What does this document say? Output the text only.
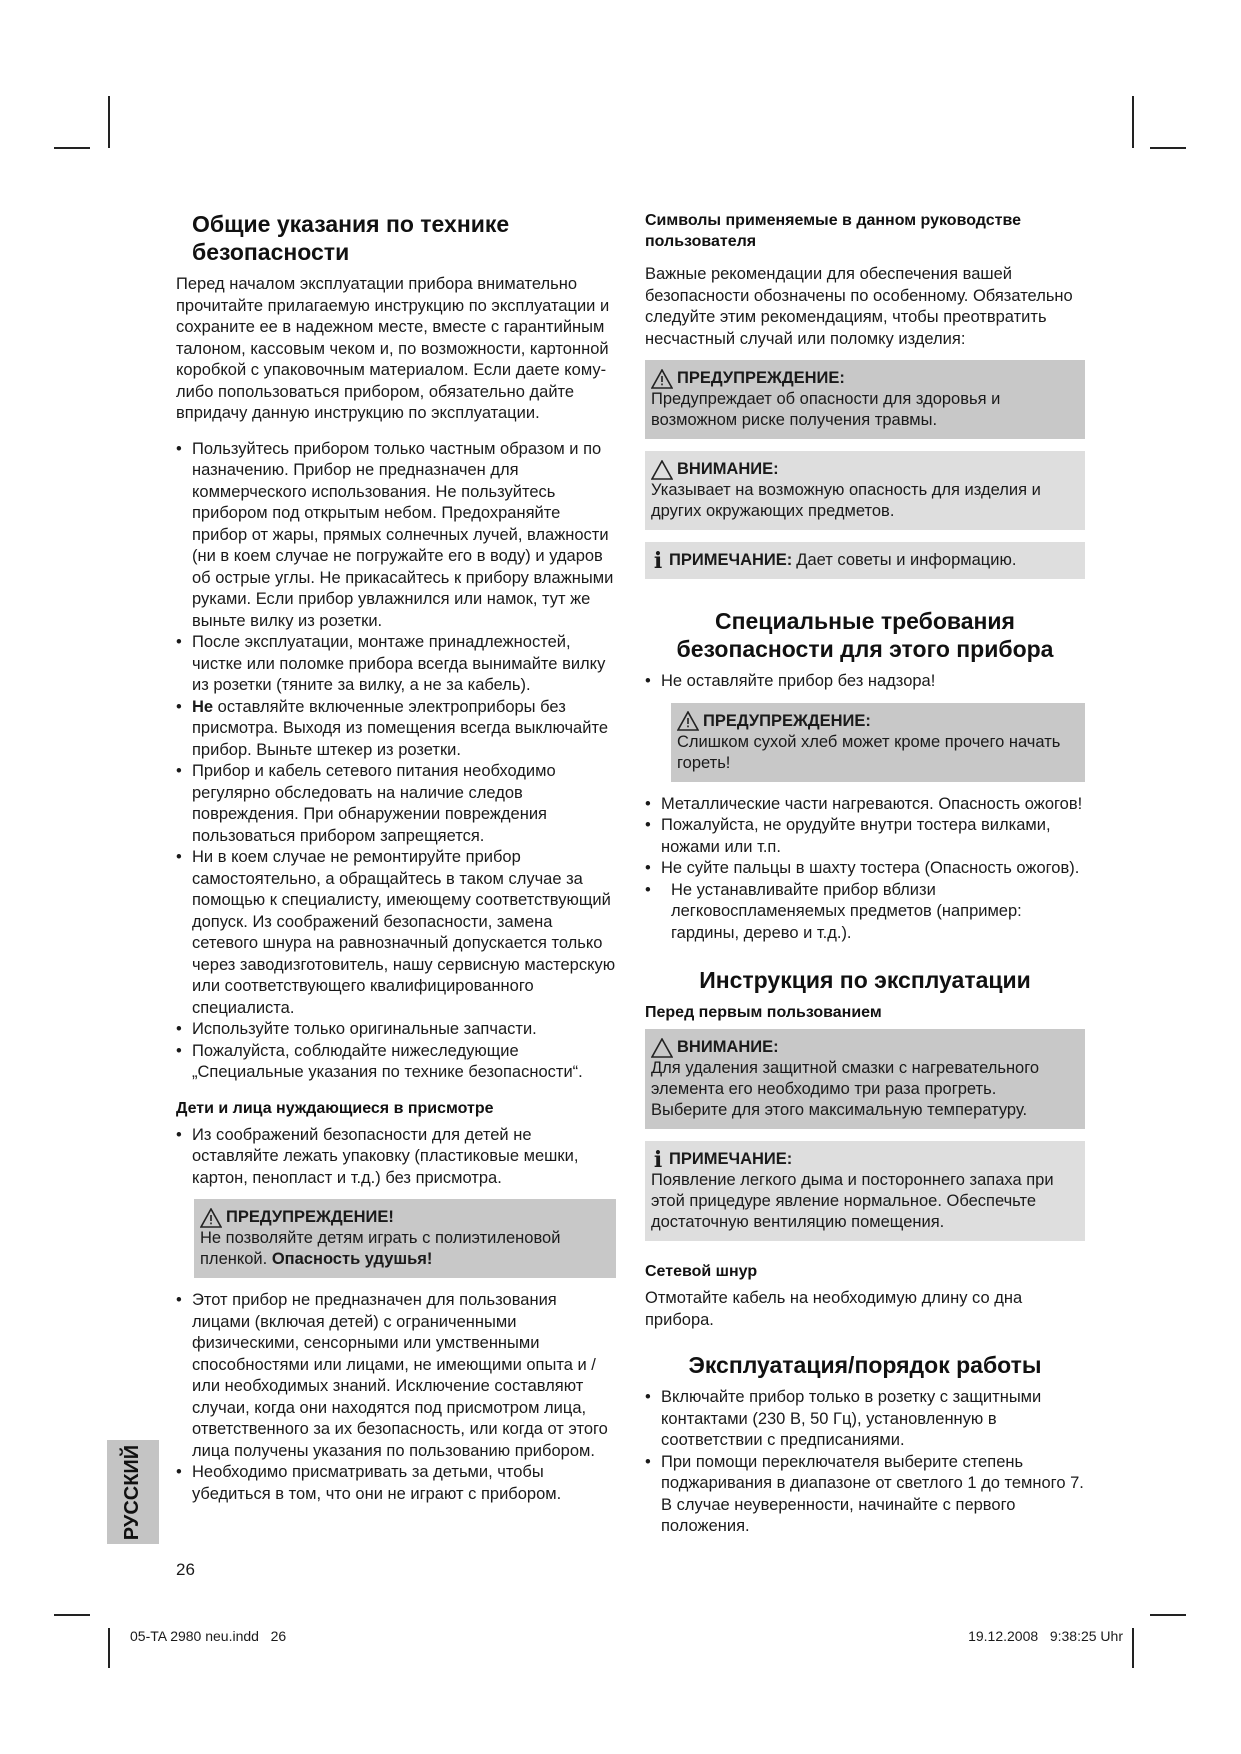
Общие указания по технике безопасности

Перед началом эксплуатации прибора внимательно прочитайте прилагаемую инструкцию по эксплуатации и сохраните ее в надежном месте, вместе с гарантийным талоном, кассовым чеком и, по возможности, картонной коробкой с упаковочным материалом. Если даете кому-либо попользоваться прибором, обязательно дайте впридачу данную инструкцию по эксплуатации.

• Пользуйтесь прибором только частным образом и по назначению. Прибор не предназначен для коммерческого использования. Не пользуйтесь прибором под открытым небом. Предохраняйте прибор от жары, прямых солнечных лучей, влажности (ни в коем случае не погружайте его в воду) и ударов об острые углы. Не прикасайтесь к прибору влажными руками. Если прибор увлажнился или намок, тут же выньте вилку из розетки.
• После эксплуатации, монтаже принадлежностей, чистке или поломке прибора всегда вынимайте вилку из розетки (тяните за вилку, а не за кабель).
• Не оставляйте включенные электроприборы без присмотра. Выходя из помещения всегда выключайте прибор. Выньте штекер из розетки.
• Прибор и кабель сетевого питания необходимо регулярно обследовать на наличие следов повреждения. При обнаружении повреждения пользоваться прибором запрещяется.
• Ни в коем случае не ремонтируйте прибор самостоятельно, а обращайтесь в таком случае за помощью к специалисту, имеющему соответствующий допуск. Из соображений безопасности, замена сетевого шнура на равнозначный допускается только через заводизготовитель, нашу сервисную мастерскую или соответствующего квалифицированного специалиста.
• Используйте только оригинальные запчасти.
• Пожалуйста, соблюдайте нижеследующие „Специальные указания по технике безопасности“.
Дети и лица нуждающиеся в присмотре
• Из соображений безопасности для детей не оставляйте лежать упаковку (пластиковые мешки, картон, пенопласт и т.д.) без присмотра.
ПРЕДУПРЕЖДЕНИЕ!
Не позволяйте детям играть с полиэтиленовой пленкой. Опасность удушья!
• Этот прибор не предназначен для пользования лицами (включая детей) с ограниченными физическими, сенсорными или умственными способностями или лицами, не имеющими опыта и /или необходимых знаний. Исключение составляют случаи, когда они находятся под присмотром лица, ответственного за их безопасность, или когда от этого лица получены указания по пользованию прибором.
• Необходимо присматривать за детьми, чтобы убедиться в том, что они не играют с прибором.
Символы применяемые в данном руководстве пользователя

Важные рекомендации для обеспечения вашей безопасности обозначены по особенному. Обязательно следуйте этим рекомендациям, чтобы преотвратить несчастный случай или поломку изделия:

ПРЕДУПРЕЖДЕНИЕ:
Предупреждает об опасности для здоровья и возможном риске получения травмы.
ВНИМАНИЕ:
Указывает на возможную опасность для изделия и других окружающих предметов.
i ПРИМЕЧАНИЕ: Дает советы и информацию.
Специальные требования безопасности для этого прибора
• Не оставляйте прибор без надзора!
ПРЕДУПРЕЖДЕНИЕ:
Слишком сухой хлеб может кроме прочего начать гореть!
• Металлические части нагреваются. Опасность ожогов!
• Пожалуйста, не орудуйте внутри тостера вилками, ножами или т.п.
• Не суйте пальцы в шахту тостера (Опасность ожогов).
• Не устанавливайте прибор вблизи легковоспламеняемых предметов (например: гардины, дерево и т.д.).
Инструкция по эксплуатации
Перед первым пользованием
ВНИМАНИЕ:
Для удаления защитной смазки с нагревательного элемента его необходимо три раза прогреть. Выберите для этого максимальную температуру.
i ПРИМЕЧАНИЕ:
Появление легкого дыма и постороннего запаха при этой прицедуре явление нормальное. Обеспечьте достаточную вентиляцию помещения.
Сетевой шнур

Отмотайте кабель на необходимую длину со дна прибора.

Эксплуатация/порядок работы
• Включайте прибор только в розетку с защитными контактами (230 В, 50 Гц), установленную в соответствии с предписаниями.
• При помощи переключателя выберите степень поджаривания в диапазоне от светлого 1 до темного 7. В случае неуверенности, начинайте с первого положения.
РУССКИЙ
26
05-TA 2980 neu.indd   26	19.12.2008   9:38:25 Uhr
